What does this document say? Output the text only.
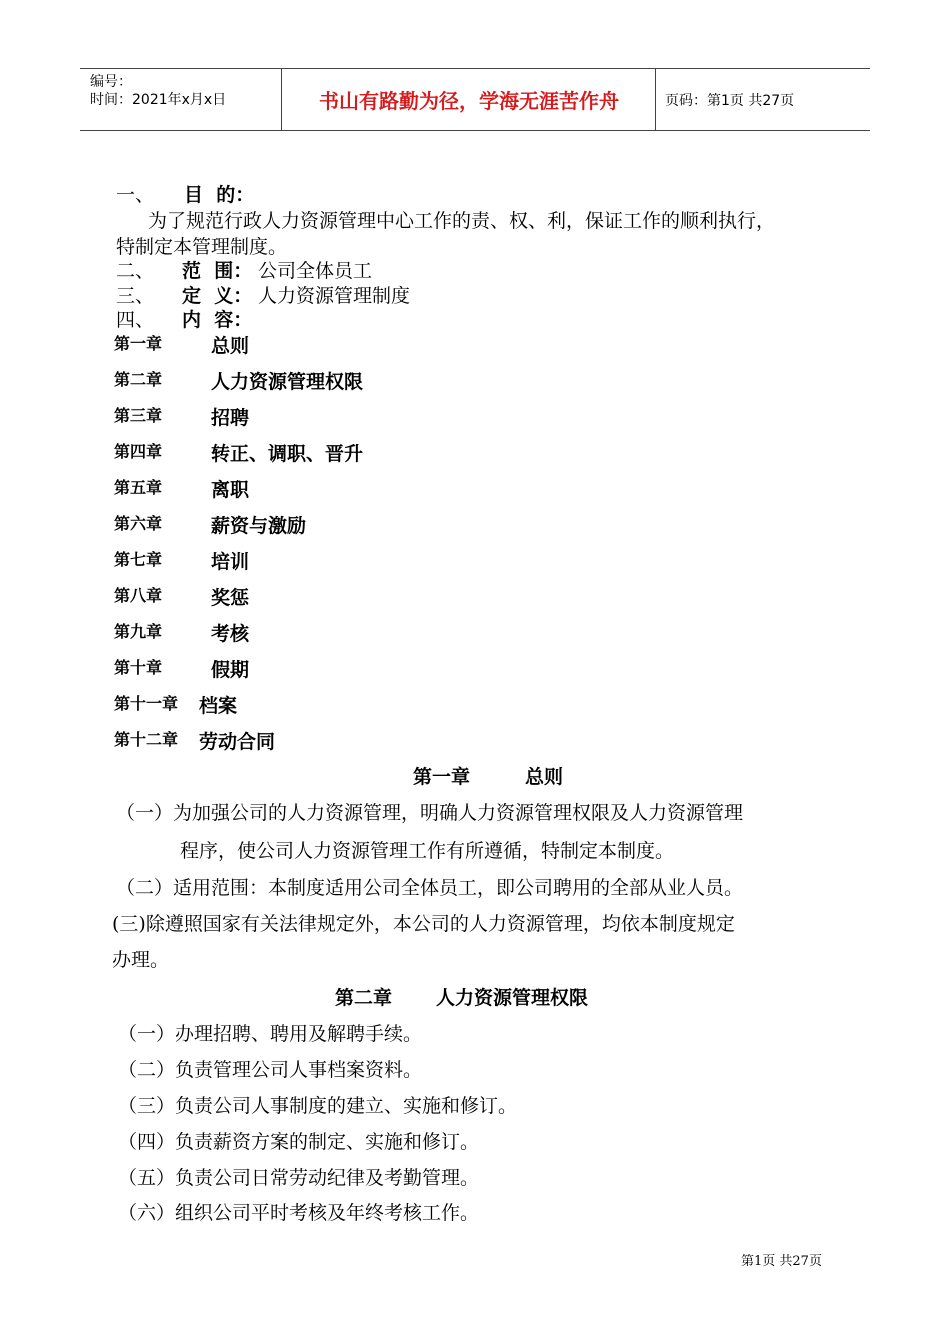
编号：
时间：2021年x月x日	书山有路勤为径，学海无涯苦作舟	页码：第1页 共27页
一、 目  的：
为了规范行政人力资源管理中心工作的责、权、利，保证工作的顺利执行，
特制定本管理制度。
二、 范  围： 公司全体员工
三、 定  义： 人力资源管理制度
四、 内  容：
第一章	总则
第二章	人力资源管理权限
第三章	招聘
第四章	转正、调职、晋升
第五章	离职
第六章	薪资与激励
第七章	培训
第八章	奖惩
第九章	考核
第十章	假期
第十一章 档案
第十二章 劳动合同
第一章	总则
（一）为加强公司的人力资源管理，明确人力资源管理权限及人力资源管理
程序，使公司人力资源管理工作有所遵循，特制定本制度。
（二）适用范围：本制度适用公司全体员工，即公司聘用的全部从业人员。
(三)除遵照国家有关法律规定外，本公司的人力资源管理，均依本制度规定
办理。
第二章 人力资源管理权限
（一）办理招聘、聘用及解聘手续。
（二）负责管理公司人事档案资料。
（三）负责公司人事制度的建立、实施和修订。
（四）负责薪资方案的制定、实施和修订。
（五）负责公司日常劳动纪律及考勤管理。
（六）组织公司平时考核及年终考核工作。
第1页 共27页
